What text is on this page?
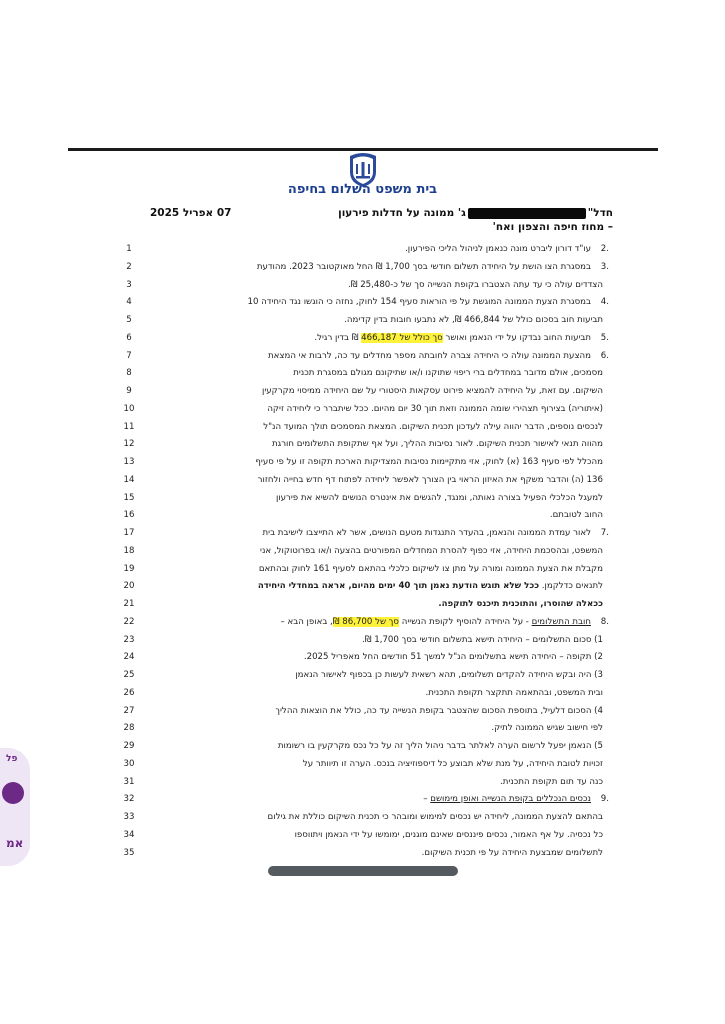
בית משפט השלום בחיפה
חדל"ג' ממונה על חדלות פירעון
– מחוז חיפה והצפון ואח'
07 אפריל 2025
1	2.
עו"ד דורון ליברט מונה כנאמן לניהול הליכי הפירעון.
2	3.
במסגרת הצו הושת על היחידה תשלום חודשי בסך 1,700 ₪ החל מאוקטובר 2023. מהודעת
3	הצדדים עולה כי עד עתה הצטברו בקופת הנשייה סך של כ-25,480 ₪.
4	4.
במסגרת הצעת הממונה המוגשת על פי הוראות סעיף 154 לחוק, נחזה כי הוגשו נגד היחידה 10
5	תביעות חוב בסכום כולל של 466,844 ₪, לא נתבעו חובות בדין קדימה.
6	5.
תביעות החוב נבדקו על ידי הנאמן ואושר סך כולל של 466,187 ₪ בדין רגיל.
7	6.
מהצעת הממונה עולה כי היחידה צברה לחובתה מספר מחדלים עד כה, לרבות אי המצאת
8	מסמכים, אולם מדובר במחדלים ברי ריפוי שתוקנו ו/או שתיקונם מגולם במסגרת תכנית
9	השיקום. עם זאת, על היחידה להמציא פירוט עסקאות היסטורי על שם היחידה ממיסוי מקרקעין
10	(איתוריה) בצירוף תצהירי שומה הממונה וזאת תוך 30 יום מהיום. ככל שיתברר כי ליחידה זיקה
11	לנכסים נוספים, הדבר יהווה עילה לעדכון תכנית השיקום. המצאת המסמכים תולך המועד הנ"ל
12	מהווה תנאי לאישור תכנית השיקום. לאור נסיבות ההליך, ועל אף שתקופת התשלומים חורגת
13	מהכלל לפי סעיף 163 (א) לחוק, אזי מתקיימות נסיבות המצדיקות הארכת תקופה זו על פי סעיף
14	136 (ה) והדבר משקף את האיזון הראוי בין הצורך לאפשר ליחידה לפתוח דף חדש בחייה ולחזור
15	למעגל הכלכלי הפעיל בצורה נאותה, ומנגד, להגשים את אינטרס הנושים להשיא את פירעון
16	החוב לטובתם.
17	7.
לאור עמדת הממונה והנאמן, בהעדר התנגדות מטעם הנושים, אשר לא התייצבו לישיבת בית
18	המשפט, ובהסכמת היחידה, אזי כפוף להסרת המחדלים המפורטים בהצעה ו/או בפרוטוקול, אני
19	מקבלת את הצעת הממונה ומורה על מתן צו לשיקום כלכלי בהתאם לסעיף 161 לחוק ובהתאם
20	לתנאים כדלקמן. ככל שלא תוגש הודעת נאמן תוך 40 ימים מהיום, אראה במחדלי היחידה
21	ככאלה שהוסרו, והתוכנית תיכנס לתוקפה.
22	8.
חובת התשלומים - על היחידה להוסיף לקופת הנשייה סך של 86,700 ₪, באופן הבא –
23	1) סכום התשלומים – היחידה תישא בתשלום חודשי בסך 1,700 ₪.
24	2) תקופה – היחידה תישא בתשלומים הנ"ל למשך 51 חודשים החל מאפריל 2025.
25	3) היה ובקש היחידה להקדים תשלומים, תהא רשאית לעשות כן בכפוף לאישור הנאמן
26	ובית המשפט, ובהתאמה תתקצר תקופת התכנית.
27	4) הסכום דלעיל, בתוספת הסכום שהצטבר בקופת הנשייה עד כה, כולל את הוצאות ההליך
28	לפי חישוב שגיש הממונה לתיק.
29	5) הנאמן יפעל לרשום הערה לאלתר בדבר ניהול הליך זה על כל נכס מקרקעין בו רשומות
30	זכויות לטובת היחידה, על מנת שלא תבוצע כל דיספוזיציה בנכס. הערה זו תיוותר על
31	כנה עד תום תקופת התכנית.
32	9.
נכסים הנכללים בקופת הנשייה ואופן מימושם –
33	בהתאם להצעת הממונה, ליחידה יש נכסים למימוש ומובהר כי תכנית השיקום כוללת את גילום
34	כל נכסיה. על אף האמור, נכסים פיננסים שאינם מוגנים, ימומשו על ידי הנאמן ויתווספו
35	לתשלומים שמבצעת היחידה על פי תכנית השיקום.
פל
אמ
